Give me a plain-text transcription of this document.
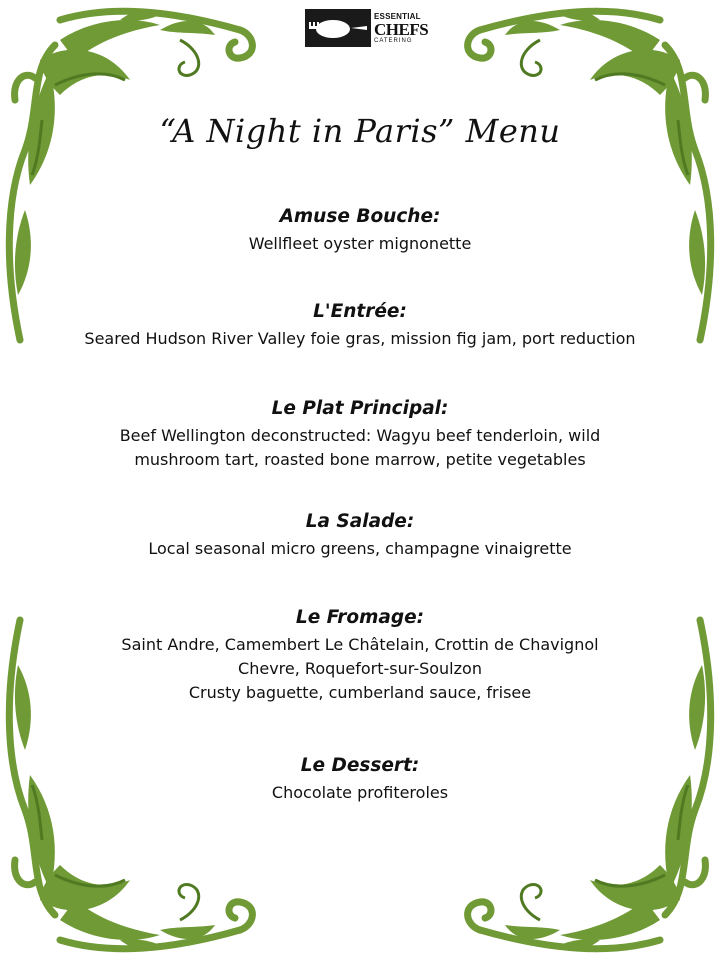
ESSENTIAL
CHEFS
CATERING
“A Night in Paris” Menu
Amuse Bouche:
Wellfleet oyster mignonette
L'Entrée:
Seared Hudson River Valley foie gras, mission fig jam, port reduction
Le Plat Principal:
Beef Wellington deconstructed: Wagyu beef tenderloin, wild
mushroom tart, roasted bone marrow, petite vegetables
La Salade:
Local seasonal micro greens, champagne vinaigrette
Le Fromage:
Saint Andre, Camembert Le Châtelain, Crottin de Chavignol
Chevre, Roquefort-sur-Soulzon
Crusty baguette, cumberland sauce, frisee
Le Dessert:
Chocolate profiteroles
